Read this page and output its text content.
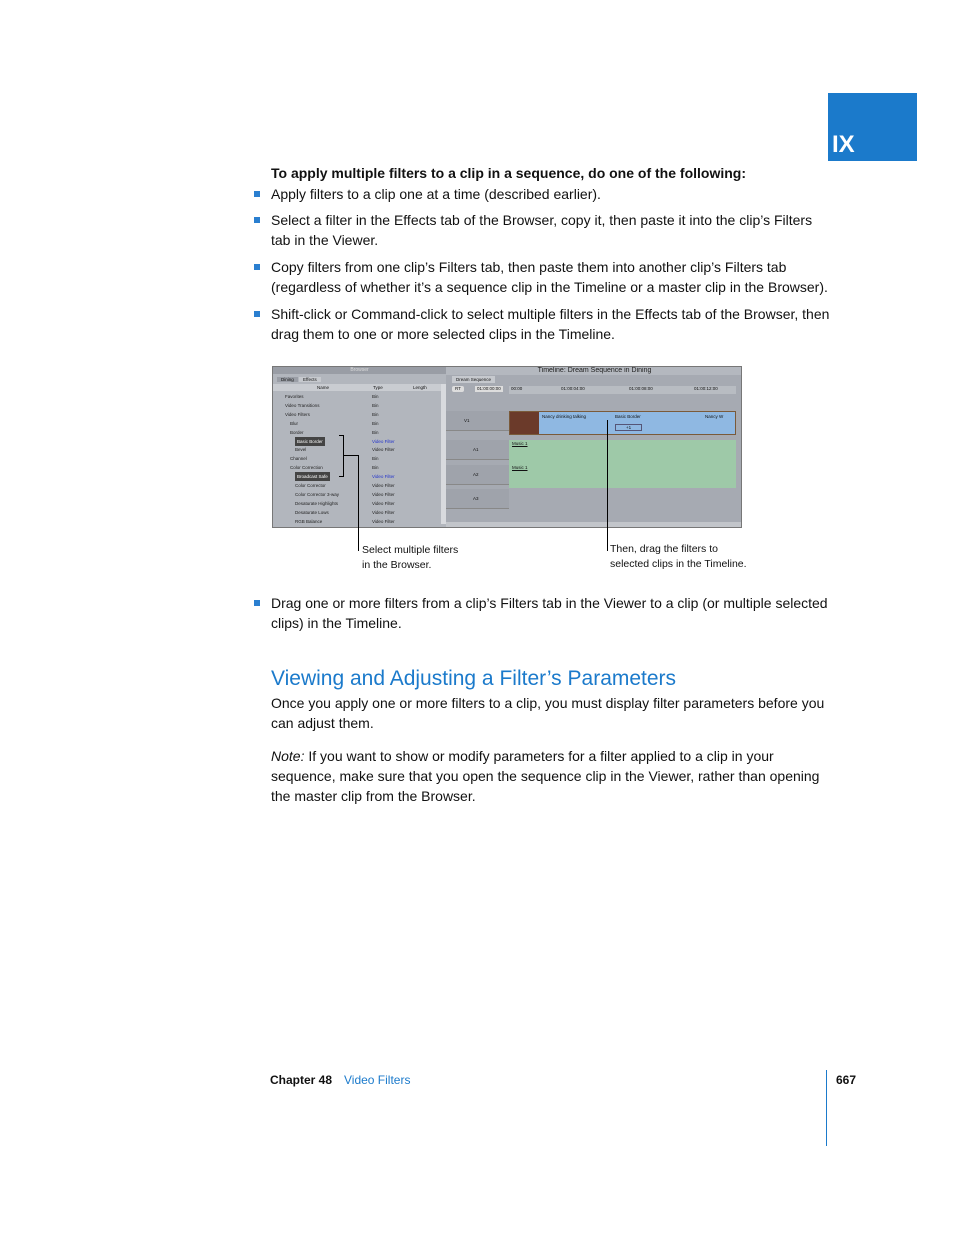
IX
To apply multiple filters to a clip in a sequence, do one of the following:
Apply filters to a clip one at a time (described earlier).
Select a filter in the Effects tab of the Browser, copy it, then paste it into the clip’s Filters tab in the Viewer.
Copy filters from one clip’s Filters tab, then paste them into another clip’s Filters tab (regardless of whether it’s a sequence clip in the Timeline or a master clip in the Browser).
Shift-click or Command-click to select multiple filters in the Effects tab of the Browser, then drag them to one or more selected clips in the Timeline.
Browser
Dining Effects
Name	Type	Length
Favorites	Bin
Video Transitions	Bin
Video Filters	Bin
Blur	Bin
Border	Bin
Basic Border	Video Filter
Bevel	Video Filter
Channel	Bin
Color Correction	Bin
Broadcast Safe	Video Filter
Color Corrector	Video Filter
Color Corrector 3-way	Video Filter
Desaturate Highlights	Video Filter
Desaturate Lows	Video Filter
RGB Balance	Video Filter
Timeline: Dream Sequence in Dining
Dream Sequence
RT	01:00:00:00	00:00	01:00:04:00	01:00:08:00	01:00:12:00
V1
Nancy drinking talking	Basic Border
+1
Nancy W
A1
Music 1
Music 1
A2
A3
Select multiple filters
in the Browser.
Then, drag the filters to
selected clips in the Timeline.
Drag one or more filters from a clip’s Filters tab in the Viewer to a clip (or multiple selected clips) in the Timeline.
Viewing and Adjusting a Filter’s Parameters
Once you apply one or more filters to a clip, you must display filter parameters before you can adjust them.
Note: If you want to show or modify parameters for a filter applied to a clip in your sequence, make sure that you open the sequence clip in the Viewer, rather than opening the master clip from the Browser.
Chapter 48 Video Filters	667
